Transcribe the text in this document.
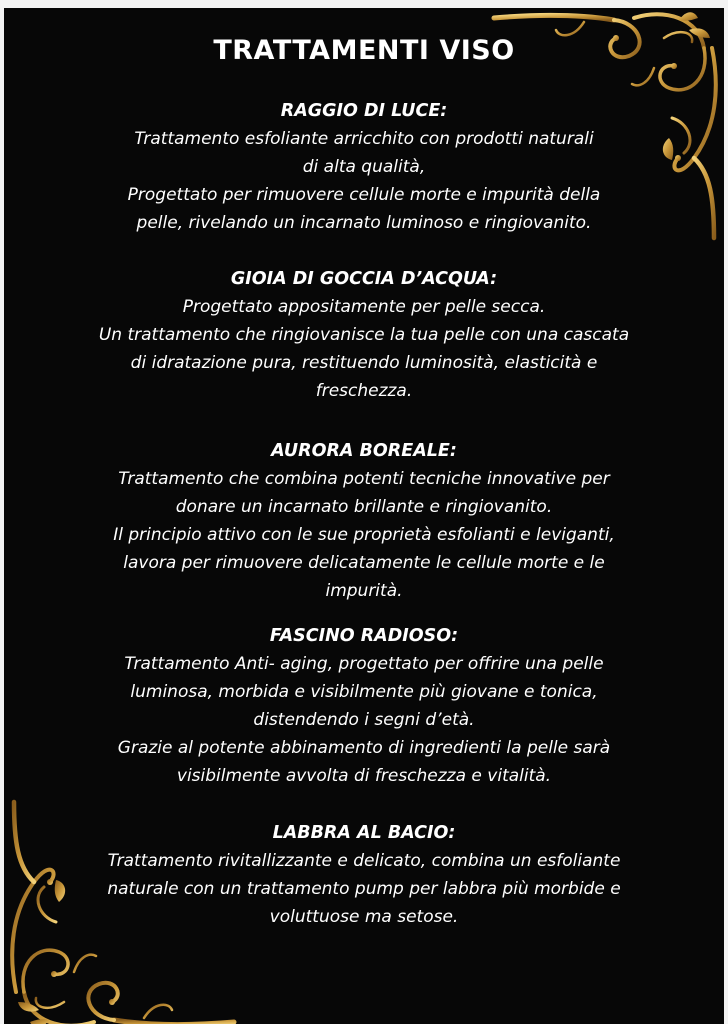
TRATTAMENTI VISO
RAGGIO DI LUCE:
Trattamento esfoliante arricchito con prodotti naturali
di alta qualità,
Progettato per rimuovere cellule morte e impurità della
pelle, rivelando un incarnato luminoso e ringiovanito.
GIOIA DI GOCCIA D’ACQUA:
Progettato appositamente per pelle secca.
Un trattamento che ringiovanisce la tua pelle con una cascata
di idratazione pura, restituendo luminosità, elasticità e
freschezza.
AURORA BOREALE:
Trattamento che combina potenti tecniche innovative per
donare un incarnato brillante e ringiovanito.
Il principio attivo con le sue proprietà esfolianti e leviganti,
lavora per rimuovere delicatamente le cellule morte e le
impurità.
FASCINO RADIOSO:
Trattamento Anti- aging, progettato per offrire una pelle
luminosa, morbida e visibilmente più giovane e tonica,
distendendo i segni d’età.
Grazie al potente abbinamento di ingredienti la pelle sarà
visibilmente avvolta di freschezza e vitalità.
LABBRA AL BACIO:
Trattamento rivitallizzante e delicato, combina un esfoliante
naturale con un trattamento pump per labbra più morbide e
voluttuose ma setose.
